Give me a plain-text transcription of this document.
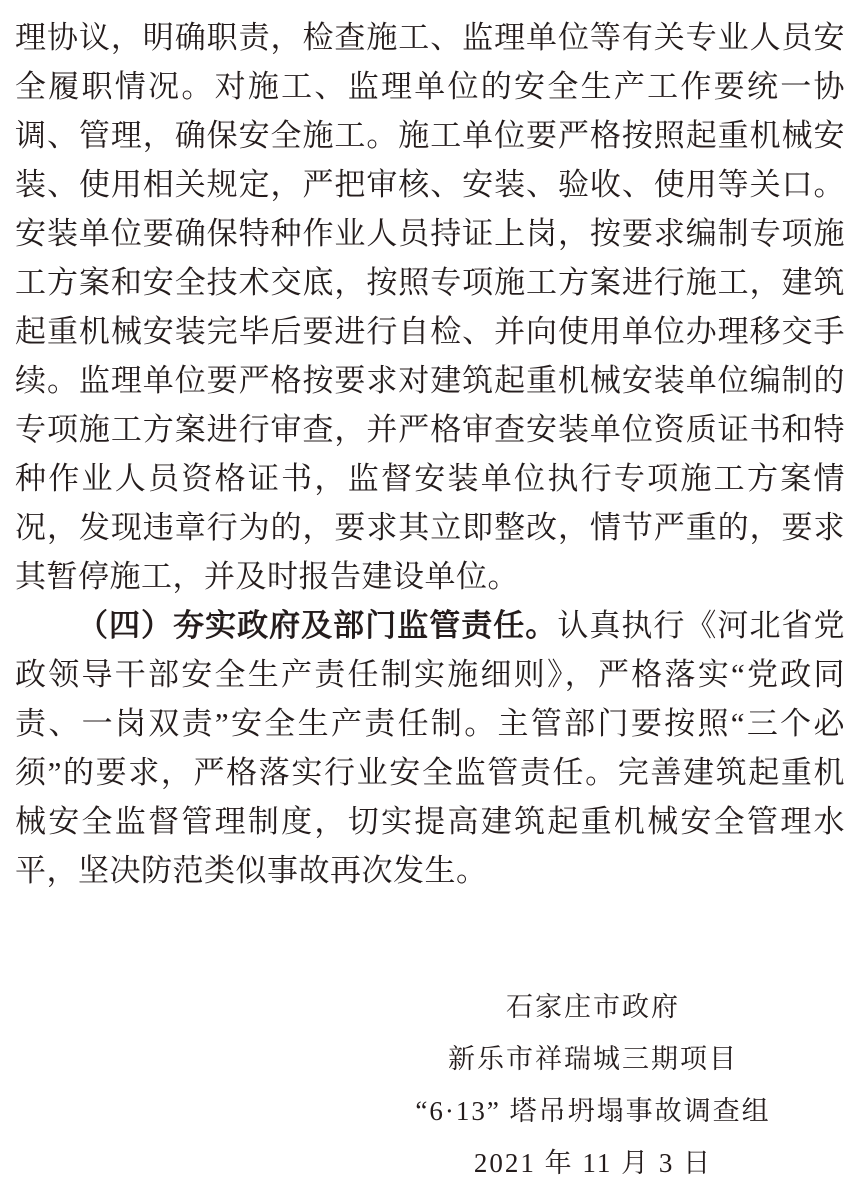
理协议，明确职责，检查施工、监理单位等有关专业人员安全履职情况。对施工、监理单位的安全生产工作要统一协调、管理，确保安全施工。施工单位要严格按照起重机械安装、使用相关规定，严把审核、安装、验收、使用等关口。安装单位要确保特种作业人员持证上岗，按要求编制专项施工方案和安全技术交底，按照专项施工方案进行施工，建筑起重机械安装完毕后要进行自检、并向使用单位办理移交手续。监理单位要严格按要求对建筑起重机械安装单位编制的专项施工方案进行审查，并严格审查安装单位资质证书和特种作业人员资格证书，监督安装单位执行专项施工方案情况，发现违章行为的，要求其立即整改，情节严重的，要求其暂停施工，并及时报告建设单位。

（四）夯实政府及部门监管责任。认真执行《河北省党政领导干部安全生产责任制实施细则》，严格落实“党政同责、一岗双责”安全生产责任制。主管部门要按照“三个必须”的要求，严格落实行业安全监管责任。完善建筑起重机械安全监督管理制度，切实提高建筑起重机械安全管理水平，坚决防范类似事故再次发生。

石家庄市政府
新乐市祥瑞城三期项目
“6·13” 塔吊坍塌事故调查组
2021 年 11 月 3 日
